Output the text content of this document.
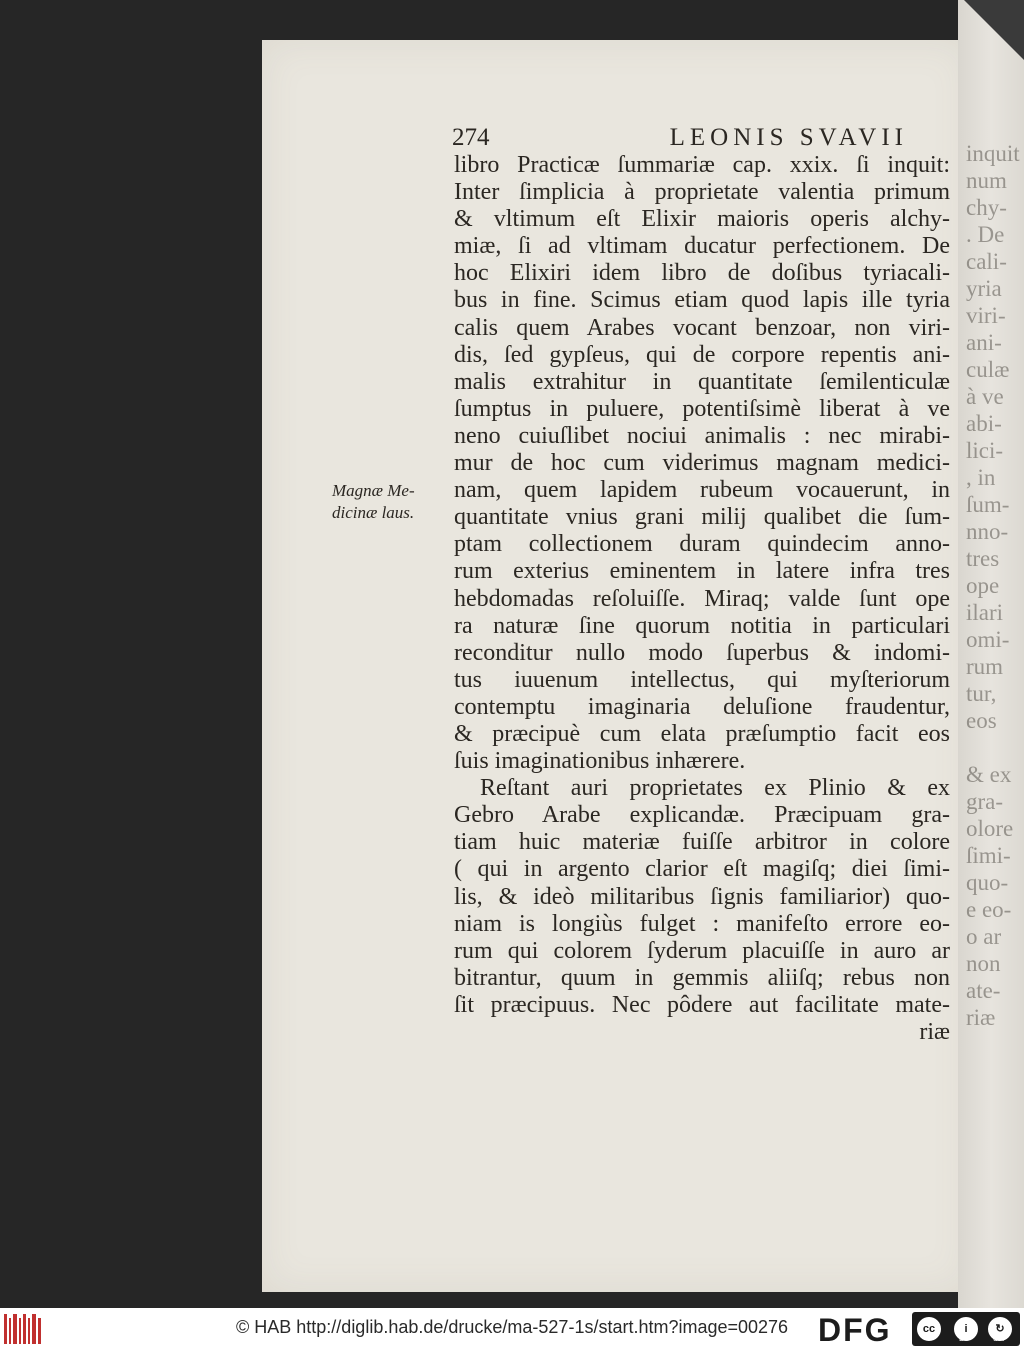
inquit
num
chy-
. De
cali-
yria
viri-
ani-
culæ
à ve
abi-
lici-
, in
ſum-
nno-
tres
ope
ilari
omi-
rum
tur,
eos

& ex
gra-
olore
ſimi-
quo-
e eo-
o ar
non
ate-
riæ
274	LEONIS SVAVII
Magnæ Me-
dicinæ laus.
libro Practicæ ſummariæ cap. xxix. ſi inquit:
Inter ſimplicia à proprietate valentia primum
& vltimum eſt Elixir maioris operis alchy-
miæ, ſi ad vltimam ducatur perfectionem. De
hoc Elixiri idem libro de doſibus tyriacali-
bus in fine. Scimus etiam quod lapis ille tyria
calis quem Arabes vocant benzoar, non viri-
dis, ſed gypſeus, qui de corpore repentis ani-
malis extrahitur in quantitate ſemilenticulæ
ſumptus in puluere, potentiſsimè liberat à ve
neno cuiuſlibet nociui animalis : nec mirabi-
mur de hoc cum viderimus magnam medici-
nam, quem lapidem rubeum vocauerunt, in
quantitate vnius grani milij qualibet die ſum-
ptam collectionem duram quindecim anno-
rum exterius eminentem in latere infra tres
hebdomadas reſoluiſſe. Miraq; valde ſunt ope
ra naturæ ſine quorum notitia in particulari
reconditur nullo modo ſuperbus & indomi-
tus iuuenum intellectus, qui myſteriorum
contemptu imaginaria deluſione fraudentur,
& præcipuè cum elata præſumptio facit eos
ſuis imaginationibus inhærere.
Reſtant auri proprietates ex Plinio & ex
Gebro Arabe explicandæ. Præcipuam gra-
tiam huic materiæ fuiſſe arbitror in colore
( qui in argento clarior eſt magiſq; diei ſimi-
lis, & ideò militaribus ſignis familiarior) quo-
niam is longiùs fulget : manifeſto errore eo-
rum qui colorem ſyderum placuiſſe in auro ar
bitrantur, quum in gemmis aliiſq; rebus non
ſit præcipuus. Nec pôdere aut facilitate mate-
riæ
© HAB http://diglib.hab.de/drucke/ma-527-1s/start.htm?image=00276 DFG	cc	i	↻
BY	SA
